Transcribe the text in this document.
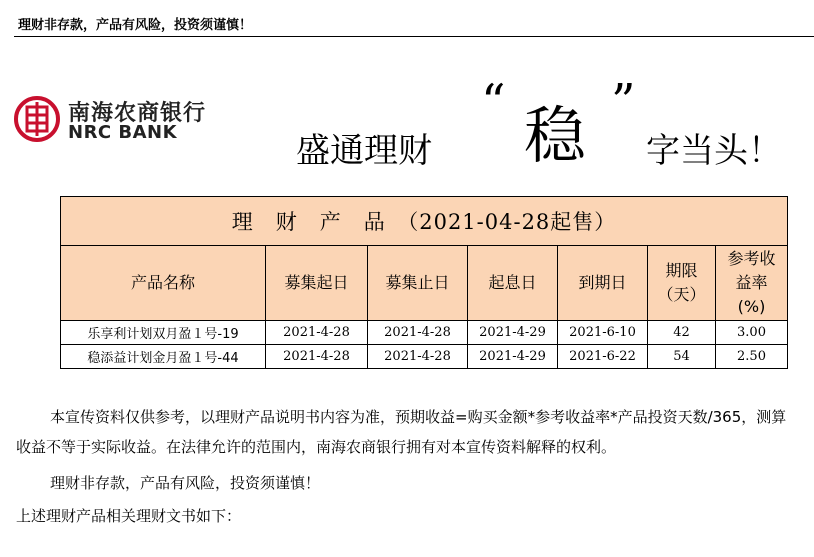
理财非存款，产品有风险，投资须谨慎！
南海农商银行
NRC BANK	盛通理财
“ 稳 ”
字当头！
理　财　产　品　（2021-04-28起售）						
产品名称	募集起日	募集止日	起息日	到期日	期限（天）	参考收益率(%)
乐享利计划双月盈１号-19	2021-4-28	2021-4-28	2021-4-29	2021-6-10	42	3.00
稳添益计划金月盈１号-44	2021-4-28	2021-4-28	2021-4-29	2021-6-22	54	2.50
本宣传资料仅供参考，以理财产品说明书内容为准，预期收益=购买金额*参考收益率*产品投资天数/365，测算收益不等于实际收益。在法律允许的范围内，南海农商银行拥有对本宣传资料解释的权利。
理财非存款，产品有风险，投资须谨慎！
上述理财产品相关理财文书如下：
